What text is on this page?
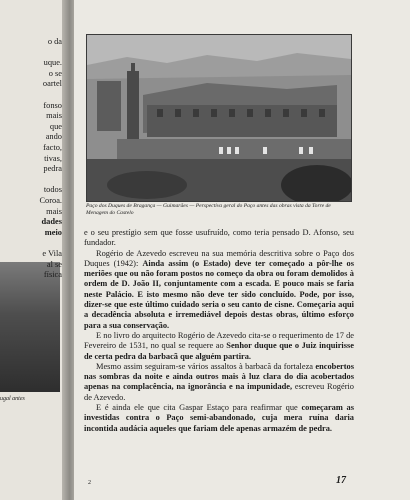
ugal antes
o da
uque.
o se
oartel
fonso
mais
que
ando
facto,
tivas,
pedra
todos
Coroa.
mais
dades
meio
e Vila
al se
física
Paço dos Duques de Bragança — Guimarães — Perspectiva geral do Paço antes das obras vista da Torre de Menagem do Castelo

e o seu prestígio sem que fosse usufruído, como teria pensado D. Afonso, seu fundador.

Rogério de Azevedo escreveu na sua memória descritiva sobre o Paço dos Duques (1942): Ainda assim (o Estado) deve ter começado a pôr-lhe os meriões que ou não foram postos no começo da obra ou foram demolidos à ordem de D. João II, conjuntamente com a escada. E pouco mais se faria neste Palácio. E isto mesmo não deve ter sido concluído. Pode, por isso, dizer-se que este último cuidado seria o seu canto de cisne. Começaria aqui a decadência absoluta e irremediável depois destas obras, último esforço para a sua conservação.

E no livro do arquitecto Rogério de Azevedo cita-se o requerimento de 17 de Fevereiro de 1531, no qual se requere ao Senhor duque que o Juiz inquirisse de certa pedra da barbacã que alguém partira.

Mesmo assim seguiram-se vários assaltos à barbacã da fortaleza encobertos nas sombras da noite e ainda outros mais à luz clara do dia acobertados apenas na complacência, na ignorância e na impunidade, escreveu Rogério de Azevedo.

E é ainda ele que cita Gaspar Estaço para reafirmar que começaram as investidas contra o Paço semi-abandonado, cuja mera ruína daria incontida audácia aqueles que fariam dele apenas armazém de pedra.

17
2
